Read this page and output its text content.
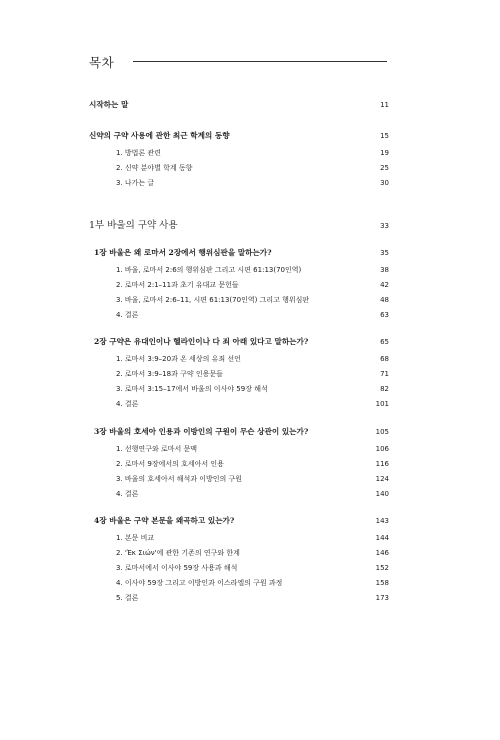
목차
시작하는 말	11
신약의 구약 사용에 관한 최근 학계의 동향	15
1. 방법론 관련	19
2. 신약 분야별 학계 동향	25
3. 나가는 글	30
1부 바울의 구약 사용	33
1장 바울은 왜 로마서 2장에서 행위심판을 말하는가?	35
1. 바울, 로마서 2:6의 행위심판 그리고 시편 61:13(70인역)	38
2. 로마서 2:1–11과 초기 유대교 문헌들	42
3. 바울, 로마서 2:6–11, 시편 61:13(70인역) 그리고 행위심판	48
4. 결론	63
2장 구약은 유대인이나 헬라인이나 다 죄 아래 있다고 말하는가?	65
1. 로마서 3:9–20과 온 세상의 유죄 선언	68
2. 로마서 3:9–18과 구약 인용문들	71
3. 로마서 3:15–17에서 바울의 이사야 59장 해석	82
4. 결론	101
3장 바울의 호세아 인용과 이방인의 구원이 무슨 상관이 있는가?	105
1. 선행연구와 로마서 문맥	106
2. 로마서 9장에서의 호세아서 인용	116
3. 바울의 호세아서 해석과 이방인의 구원	124
4. 결론	140
4장 바울은 구약 본문을 왜곡하고 있는가?	143
1. 본문 비교	144
2. 'Ἐκ Σιών'에 관한 기존의 연구와 한계	146
3. 로마서에서 이사야 59장 사용과 해석	152
4. 이사야 59장 그리고 이방인과 이스라엘의 구원 과정	158
5. 결론	173
